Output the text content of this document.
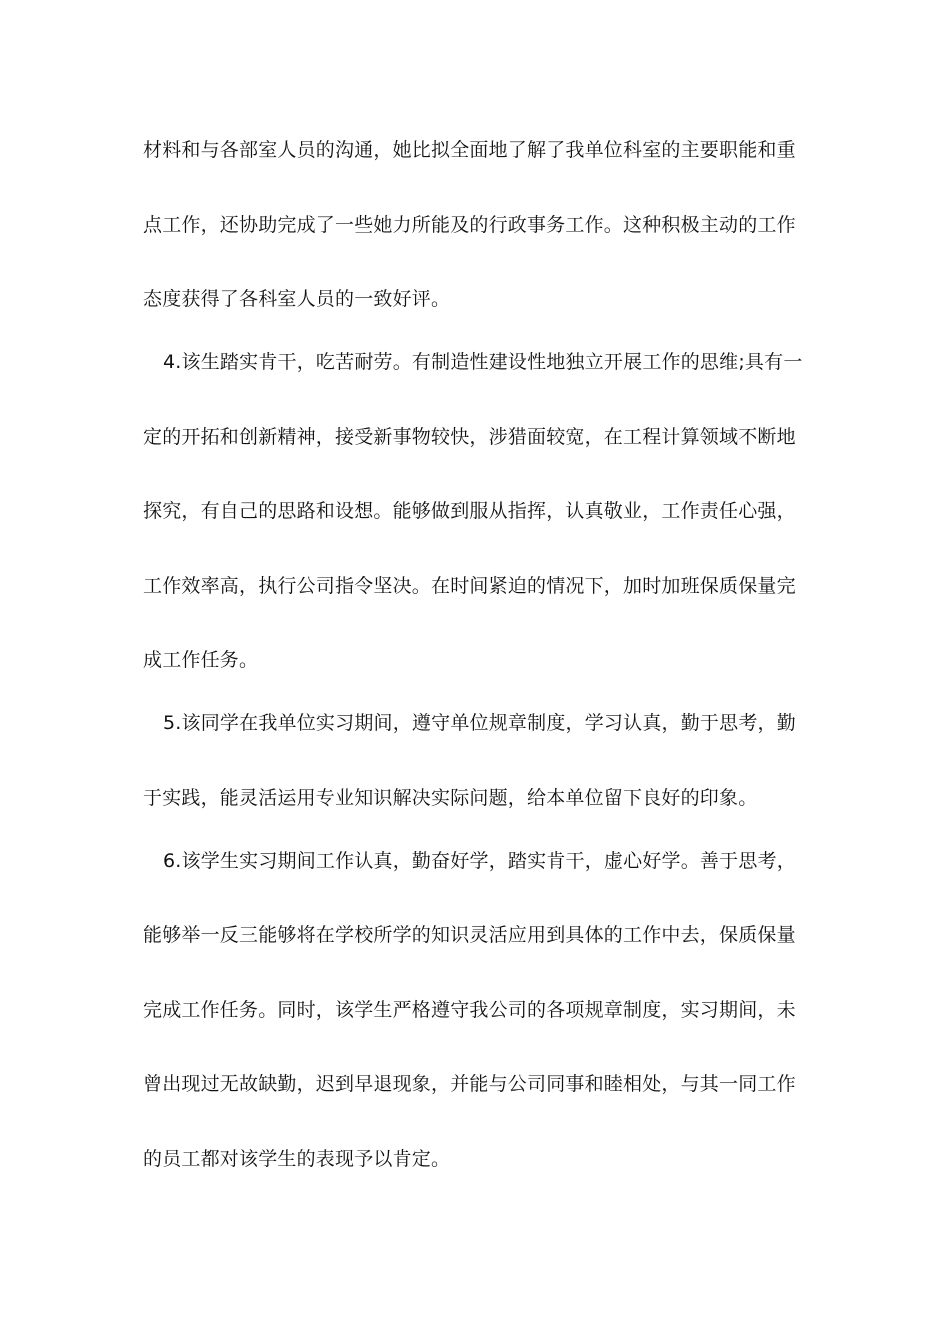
材料和与各部室人员的沟通，她比拟全面地了解了我单位科室的主要职能和重
点工作，还协助完成了一些她力所能及的行政事务工作。这种积极主动的工作
态度获得了各科室人员的一致好评。
4.该生踏实肯干，吃苦耐劳。有制造性建设性地独立开展工作的思维;具有一
定的开拓和创新精神，接受新事物较快，涉猎面较宽，在工程计算领域不断地
探究，有自己的思路和设想。能够做到服从指挥，认真敬业，工作责任心强，
工作效率高，执行公司指令坚决。在时间紧迫的情况下，加时加班保质保量完
成工作任务。
5.该同学在我单位实习期间，遵守单位规章制度，学习认真，勤于思考，勤
于实践，能灵活运用专业知识解决实际问题，给本单位留下良好的印象。
6.该学生实习期间工作认真，勤奋好学，踏实肯干，虚心好学。善于思考，
能够举一反三能够将在学校所学的知识灵活应用到具体的工作中去，保质保量
完成工作任务。同时，该学生严格遵守我公司的各项规章制度，实习期间，未
曾出现过无故缺勤，迟到早退现象，并能与公司同事和睦相处，与其一同工作
的员工都对该学生的表现予以肯定。
